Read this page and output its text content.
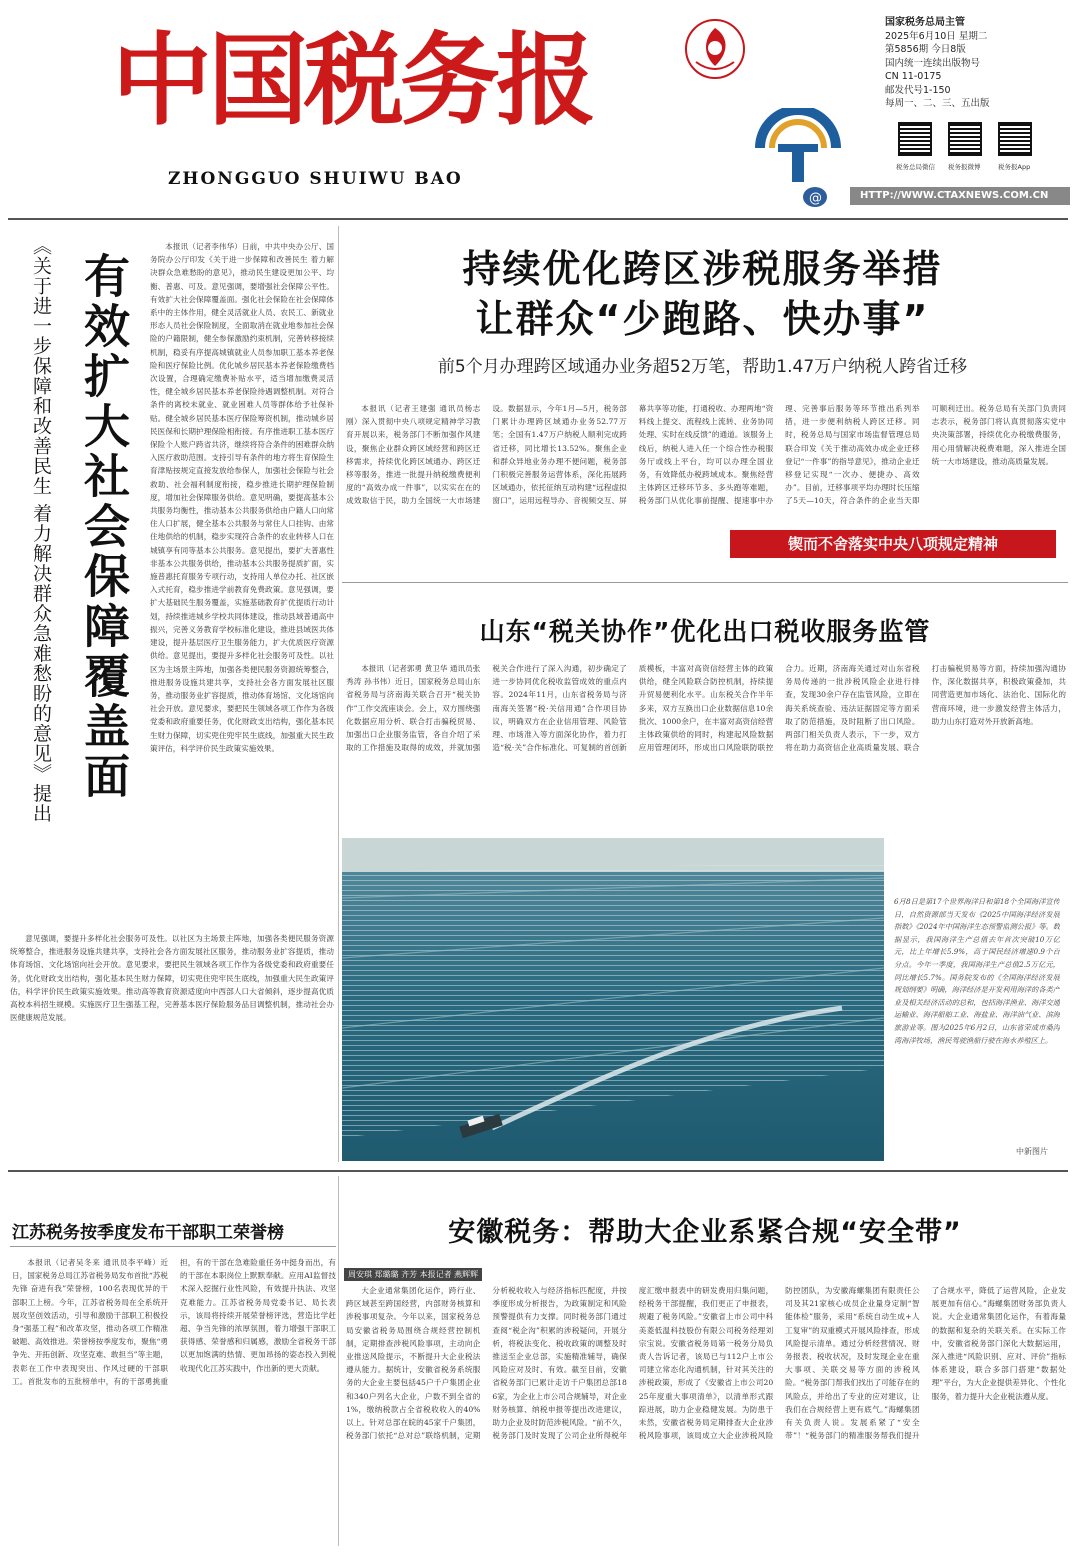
中国税务报
ZHONGGUO SHUIWU BAO
@
国家税务总局主管
2025年6月10日 星期二
第5856期 今日8版
国内统一连续出版物号
CN 11-0175
邮发代号1-150
每周一、二、三、五出版
税务总局微信 税务报微博	税务报App
HTTP://WWW.CTAXNEWS.COM.CN
《关于进一步保障和改善民生 着力解决群众急难愁盼的意见》提出 有效扩大社会保障覆盖面

本报讯（记者李伟华）日前，中共中央办公厅、国务院办公厅印发《关于进一步保障和改善民生 着力解决群众急难愁盼的意见》，推动民生建设更加公平、均衡、普惠、可及。意见强调，要增强社会保障公平性。有效扩大社会保障覆盖面。强化社会保险在社会保障体系中的主体作用，健全灵活就业人员、农民工、新就业形态人员社会保险制度，全面取消在就业地参加社会保险的户籍限制，健全参保激励约束机制，完善转移接续机制，稳妥有序提高城镇就业人员参加职工基本养老保险和医疗保险比例。优化城乡居民基本养老保险缴费档次设置，合理确定缴费补贴水平，适当增加缴费灵活性，健全城乡居民基本养老保险待遇调整机制。对符合条件的离校未就业、就业困难人员等群体给予社保补贴。健全城乡居民基本医疗保险筹资机制，推动城乡居民医保和长期护理保险相衔接。有序推进职工基本医疗保险个人账户跨省共济，继续将符合条件的困难群众纳入医疗救助范围。支持引导有条件的地方将生育保险生育津贴按规定直接发放给参保人，加强社会保险与社会救助、社会福利制度衔接，稳步推进长期护理保险制度，增加社会保障服务供给。意见明确，要提高基本公共服务均衡性，推动基本公共服务供给由户籍人口向常住人口扩展，健全基本公共服务与常住人口挂钩、由常住地供给的机制，稳步实现符合条件的农业转移人口在城镇享有同等基本公共服务。意见提出，要扩大普惠性非基本公共服务供给，推动基本公共服务提质扩面，实施普惠托育服务专项行动，支持用人单位办托、社区嵌入式托育，稳步推进学前教育免费政策。意见强调，要扩大基础民生服务覆盖，实施基础教育扩优提质行动计划，持续推进城乡学校共同体建设，推动县域普通高中振兴，完善义务教育学校标准化建设，推进县域医共体建设，提升基层医疗卫生服务能力，扩大优质医疗资源供给。意见提出，要提升多样化社会服务可及性。以社区为主场景主阵地，加强各类便民服务资源统筹整合，推进服务设施共建共享，支持社会各方面发展社区服务，推动服务业扩容提质，推动体育场馆、文化场馆向社会开放。意见要求，要把民生领域各项工作作为各级党委和政府重要任务，优化财政支出结构，强化基本民生财力保障，切实兜住兜牢民生底线，加强重大民生政策评估，科学评价民生政策实施效果。

意见强调，要提升多样化社会服务可及性。以社区为主场景主阵地，加强各类便民服务资源统筹整合，推进服务设施共建共享，支持社会各方面发展社区服务，推动服务业扩容提质，推动体育场馆、文化场馆向社会开放。意见要求，要把民生领域各项工作作为各级党委和政府重要任务，优化财政支出结构，强化基本民生财力保障，切实兜住兜牢民生底线，加强重大民生政策评估，科学评价民生政策实施效果。推动高等教育资源适度向中西部人口大省倾斜，逐步提高优质高校本科招生规模。实施医疗卫生强基工程，完善基本医疗保险服务品目调整机制，推动社会办医健康规范发展。

持续优化跨区涉税服务举措
让群众“少跑路、快办事”
前5个月办理跨区域通办业务超52万笔，帮助1.47万户纳税人跨省迁移

本报讯（记者王建强 通讯员杨志刚）深入贯彻中央八项规定精神学习教育开展以来，税务部门不断加强作风建设，聚焦企业群众跨区域经营和跨区迁移需求，持续优化跨区域通办、跨区迁移等服务，推进一批提升纳税缴费便利度的“高效办成一件事”，以实实在在的成效取信于民，助力全国统一大市场建设。数据显示，今年1月—5月，税务部门累计办理跨区域通办业务52.77万笔；全国有1.47万户纳税人顺利完成跨省迁移，同比增长13.52%。聚焦企业和群众异地业务办理不便问题，税务部门积极完善服务运营体系，深化拓展跨区域通办，依托征纳互动构建“远程虚拟窗口”，运用远程导办、音视频交互、屏幕共享等功能，打通税收、办理两地“资料线上提交、流程线上流转、业务协同处理、实时在线反馈”的通道。该服务上线后，纳税人进入任一个综合性办税服务厅或线上平台，均可以办理全国业务，有效降低办税跨域成本。聚焦经营主体跨区迁移环节多、多头跑等难题，税务部门从优化事前提醒、提速事中办理、完善事后服务等环节推出系列举措，进一步便利纳税人跨区迁移。同时，税务总局与国家市场监督管理总局联合印发《关于推动高效办成企业迁移登记“一件事”的指导意见》，推动企业迁移登记实现“一次办、便捷办、高效办”。目前，迁移事项平均办理时长压缩了5天—10天，符合条件的企业当天即可顺利迁出。税务总局有关部门负责同志表示，税务部门将认真贯彻落实党中央决策部署，持续优化办税缴费服务，用心用情解决税费难题，深入推进全国统一大市场建设，推动高质量发展。

锲而不舍落实中央八项规定精神
山东“税关协作”优化出口税收服务监管

本报讯（记者郭勇 黄卫华 通讯员张秀涛 孙书伟）近日，国家税务总局山东省税务局与济南海关联合召开“税关协作”工作交流座谈会。会上，双方围绕强化数据应用分析、联合打击骗税贸易、加强出口企业服务监管，各自介绍了采取的工作措施及取得的成效，并就加强税关合作进行了深入沟通，初步确定了进一步协同优化税收监管成效的重点内容。2024年11月，山东省税务局与济南海关签署“税·关信用通”合作项目协议，明确双方在企业信用管理、风险管理、市场准入等方面深化协作，着力打造“税·关”合作标准化、可复制的首创新质模板，丰富对高资信经营主体的政策供给，健全风险联合防控机制，持续提升贸易便利化水平。山东税关合作半年多来，双方互换出口企业数据信息10余批次、1000余户，在丰富对高资信经营主体政策供给的同时，构建起风险数据应用管理闭环，形成出口风险联防联控合力。近期，济南海关通过对山东省税务局传递的一批涉税风险企业进行排查，发现30余户存在监管风险，立即在海关系统查验、违法证据固定等方面采取了防范措施，及时阻断了出口风险。两部门相关负责人表示，下一步，双方将在助力高资信企业高质量发展、联合打击骗税贸易等方面，持续加强沟通协作，深化数据共享，积极政策叠加，共同营造更加市场化、法治化、国际化的营商环境，进一步激发经营主体活力，助力山东打造对外开放新高地。

6月8日是第17个世界海洋日和第18个全国海洋宣传日，自然资源部当天发布《2025中国海洋经济发展指数》《2024年中国海洋生态预警监测公报》等。数据显示，我国海洋生产总值去年首次突破10万亿元，比上年增长5.9%，高于国民经济增速0.9个百分点。今年一季度，我国海洋生产总值2.5万亿元，同比增长5.7%。国务院发布的《全国海洋经济发展规划纲要》明确，海洋经济是开发利用海洋的各类产业及相关经济活动的总和，包括海洋渔业、海洋交通运输业、海洋船舶工业、海盐业、海洋油气业、滨海旅游业等。图为2025年6月2日，山东省荣成市桑沟湾海洋牧场，渔民驾驶渔船行驶在海水养殖区上。
中新图片
江苏税务按季度发布干部职工荣誉榜

本报讯（记者吴冬来 通讯员李平峰）近日，国家税务总局江苏省税务局发布首批“苏税先锋 奋进有我”荣誉榜，100名表现优异的干部职工上榜。今年，江苏省税务局在全系统开展攻坚创效活动，引导和激励干部职工积极投身“强基工程”和改革攻坚，推动各项工作精准破题、高效推进。荣誉榜按季度发布，聚焦“勇争先、开拓创新、攻坚克难、敢担当”等主题，表彰在工作中表现突出、作风过硬的干部职工。首批发布的五批榜单中，有的干部勇挑重担，有的干部在急难险重任务中挺身而出，有的干部在本职岗位上默默奉献。应用AI监督技术深入挖掘行业性风险，有效提升执法、攻坚克难能力。江苏省税务局党委书记、局长表示，该局将持续开展荣誉榜评选，营造比学赶超、争当先锋的浓厚氛围，着力增强干部职工获得感、荣誉感和归属感，激励全省税务干部以更加饱满的热情、更加昂扬的姿态投入到税收现代化江苏实践中，作出新的更大贡献。

安徽税务：帮助大企业系紧合规“安全带”
周安琪 郑璐璐 齐芳 本报记者 燕辉辉

大企业通常集团化运作，跨行业、跨区域甚至跨国经营，内部财务核算和涉税事项复杂。今年以来，国家税务总局安徽省税务局围绕合规经营控制机制，定期排查涉税风险事项，主动向企业推送风险提示，不断提升大企业税法遵从能力。据统计，安徽省税务系统服务的大企业主要包括45户千户集团企业和340户列名大企业，户数不到全省的1%，缴纳税款占全省税收收入的40%以上。针对总部在皖的45家千户集团，税务部门依托“总对总”联络机制，定期分析税收收入与经济指标匹配度，并按季度形成分析报告，为政策制定和风险预警提供有力支撑。同时税务部门通过查阅“税企沟”积累的涉税疑问，开展分析，将税法变化、税收政策的调整及时推送至企业总部，实施精准辅导，确保风险应对及时、有效。截至目前，安徽省税务部门已累计走访千户集团总部186家，为企业上市公司合规辅导，对企业财务核算、纳税申报等提出改进建议，助力企业及时防范涉税风险。“前不久，税务部门及时发现了公司企业所得税年度汇缴申报表中的研发费用归集问题，经税务干部提醒，我们更正了申报表，规避了税务风险。”安徽省上市公司中科美菱低温科技股份有限公司税务经理刘宗宝说。安徽省税务局第一税务分局负责人告诉记者，该局已与112户上市公司建立常态化沟通机制，针对其关注的涉税政策，形成了《安徽省上市公司2025年度重大事项清单》，以清单形式跟踪进展，助力企业稳健发展。为防患于未然，安徽省税务局定期排查大企业涉税风险事项，该局成立大企业涉税风险防控团队，为安徽海螺集团有限责任公司及其21家核心成员企业量身定制“智能体检”服务，采用“系统自动生成+人工复审”的双重模式开展风险排查，形成风险提示清单。通过分析经营情况、财务报表、税收状况，及时发现企业在重大事项、关联交易等方面的涉税风险。“税务部门帮我们找出了可能存在的风险点，并给出了专业的应对建议，让我们在合规经营上更有底气。”海螺集团有关负责人说。发展系紧了“安全带”！“税务部门的精准服务帮我们提升了合规水平，降低了运营风险，企业发展更加有信心。”海螺集团财务部负责人说。大企业通常集团化运作，有着海量的数据和复杂的关联关系。在实际工作中，安徽省税务部门深化大数据运用，深入推进“风险识别、应对、评价”指标体系建设，联合多部门搭建“数据处理”平台，为大企业提供差异化、个性化服务，着力提升大企业税法遵从度。
